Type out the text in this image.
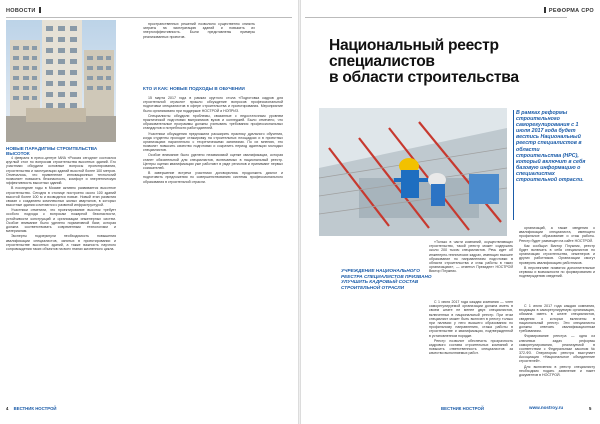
НОВОСТИ
НОВЫЕ ПАРАДИГМЫ СТРОИТЕЛЬСТВА ВЫСОТОК

4 февраля в пресс-центре МИА «Россия сегодня» состоялся круглый стол по вопросам строительства высотных зданий. Его участники обсудили основные вопросы проектирования, строительства и эксплуатации зданий высотой более 100 метров. Отмечалось, что применение инновационных технологий позволяет повысить безопасность, комфорт и энергетическую эффективность высотных зданий.

В последние годы в Москве активно развивается высотное строительство. Сегодня в столице построено около 100 зданий высотой более 100 м и возводятся новые. Новый этап развития связан с созданием комплексных жилых кварталов, в которых высотные здания сочетаются с развитой инфраструктурой.

Участники отметили, что проектирование высоток требует особого подхода к вопросам пожарной безопасности, устойчивости конструкций и организации инженерных систем. Особое внимание было уделено нормативной базе, которая должна соответствовать современным технологиям и материалам.

Эксперты подчеркнули необходимость повышения квалификации специалистов, занятых в проектировании и строительстве высотных зданий, а также важность научного сопровождения таких объектов на всех этапах жизненного цикла.

пространственных решений позволило существенно снизить затраты на эксплуатацию зданий и повысить их энергоэффективность. Были представлены примеры реализованных проектов.

КТО И КАК: НОВЫЕ ПОДХОДЫ В ОБУЧЕНИИ

15 марта 2017 года в рамках круглого стола «Подготовка кадров для строительной отрасли» прошло обсуждение вопросов профессиональной подготовки специалистов в сфере строительства и проектирования. Мероприятие было организовано при поддержке НОСТРОЙ и НОПРИЗ.

Специалисты обсудили проблемы, связанные с недостаточным уровнем практической подготовки выпускников вузов и колледжей. Было отмечено, что образовательные программы должны учитывать требования профессиональных стандартов и потребности работодателей.

Участники обсуждения предложили расширить практику дуального обучения, когда студенты проходят стажировку на строительных площадках и в проектных организациях параллельно с теоретическими занятиями. По их мнению, это позволит повысить качество подготовки и сократить период адаптации молодых специалистов.

Особое внимание было уделено независимой оценке квалификации, которая станет обязательной для специалистов, включаемых в национальный реестр. Центры оценки квалификации уже работают в ряде регионов и принимают первых соискателей.

В завершение встречи участники договорились продолжить диалог и подготовить предложения по совершенствованию системы профессионального образования в строительной отрасли.

4 ВЕСТНИК НОСТРОЙ
РЕФОРМА СРО
Национальный реестр
специалистов
в области строительства
В рамках реформы строительного саморегулирования с 1 июля 2017 года будет вестись Национальный реестр специалистов в области строительства (НРС), который включит в себя базовую информацию о специалистах строительной отрасли.

«Только в части компаний, осуществляющих строительство, такой реестр может содержать около 200 тысяч специалистов. Речь идет об инженерно-технических кадрах, имеющих высшее образование по направлениям подготовки в области строительства и стаж работы в таких организациях», — отметил Президент НОСТРОЙ Виктор Плужник.

организаций, а также сведения о квалификации специалиста, имеющего профильное образование и стаж работы. Реестр будет размещен на сайте НОСТРОЙ.

Как сообщил Виктор Плужник, реестр будет включать в себя специалистов по организации строительства, инженеров и других работников. Организации смогут проверять квалификацию работников.

В перспективе появятся дополнительные сервисы и возможности по формированию и подтверждению сведений.

УЧРЕЖДЕНИЕ НАЦИОНАЛЬНОГО РЕЕСТРА СПЕЦИАЛИСТОВ ПРИЗВАНО УЛУЧШИТЬ КАДРОВЫЙ СОСТАВ СТРОИТЕЛЬНОЙ ОТРАСЛИ

С 1 июля 2017 года каждая компания — член саморегулируемой организации должна иметь в своем штате не менее двух специалистов, включенных в национальный реестр. При этом специалист может быть включен в реестр только при наличии у него высшего образования по профильному направлению, стажа работы в строительстве и квалификации, подтвержденной в установленном порядке.

Реестр позволит обеспечить прозрачность кадрового состава строительных компаний и повысить ответственность специалистов за качество выполняемых работ.

С 1 июля 2017 года каждая компания, входящая в саморегулируемую организацию, обязана иметь в штате специалистов, сведения о которых включены в национальный реестр. Эти специалисты должны отвечать квалификационным требованиям.

Формирование реестра — одна из ключевых задач реформы саморегулирования, реализуемой в соответствии с Федеральным законом № 372-ФЗ. Оператором реестра выступает Ассоциация «Национальное объединение строителей».

Для включения в реестр специалисту необходимо подать заявление и пакет документов в НОСТРОЙ.

ВЕСТНИК НОСТРОЙ	www.nostroy.ru	5
